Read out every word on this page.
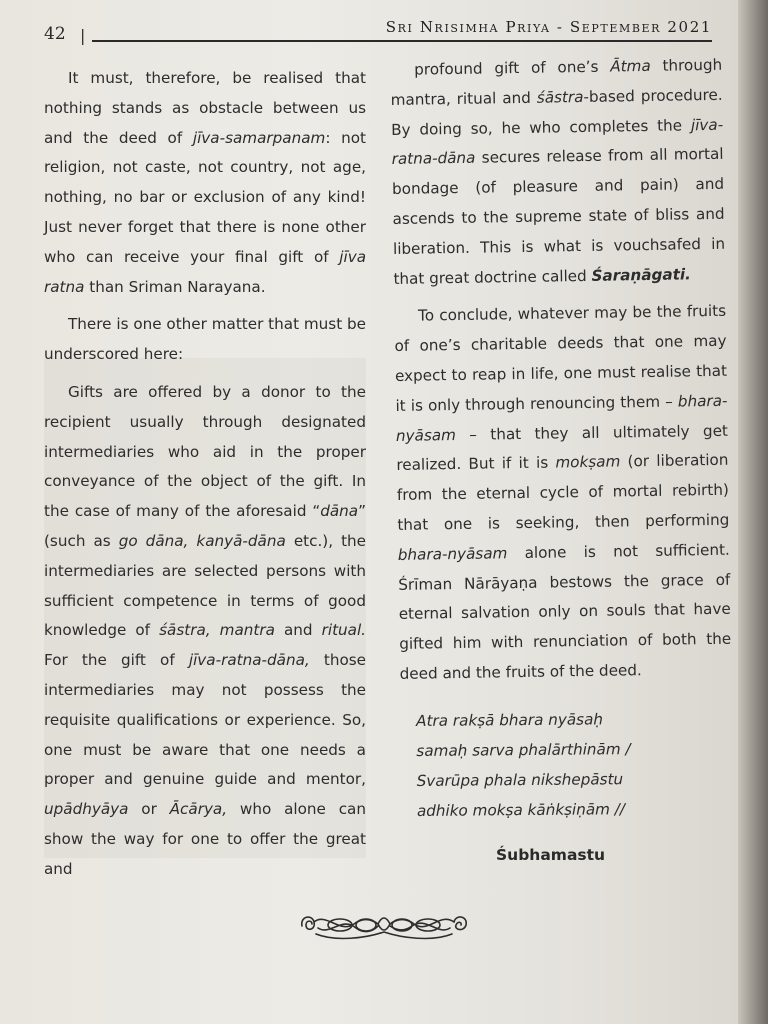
42 |	Sri Nrisimha Priya - September 2021

It must, therefore, be realised that nothing stands as obstacle between us and the deed of jīva-samarpanam: not religion, not caste, not country, not age, nothing, no bar or exclusion of any kind! Just never forget that there is none other who can receive your final gift of jīva ratna than Sriman Narayana.

There is one other matter that must be underscored here:

Gifts are offered by a donor to the recipient usually through designated intermediaries who aid in the proper conveyance of the object of the gift. In the case of many of the aforesaid “dāna” (such as go dāna, kanyā-dāna etc.), the intermediaries are selected persons with sufficient competence in terms of good knowledge of śāstra, mantra and ritual. For the gift of jīva-ratna-dāna, those intermediaries may not possess the requisite qualifications or experience. So, one must be aware that one needs a proper and genuine guide and mentor, upādhyāya or Ācārya, who alone can show the way for one to offer the great and

profound gift of one’s Ātma through mantra, ritual and śāstra-based procedure. By doing so, he who completes the jīva-ratna-dāna secures release from all mortal bondage (of pleasure and pain) and ascends to the supreme state of bliss and liberation. This is what is vouchsafed in that great doctrine called Śaraṇāgati.

To conclude, whatever may be the fruits of one’s charitable deeds that one may expect to reap in life, one must realise that it is only through renouncing them – bhara-nyāsam – that they all ultimately get realized. But if it is mokṣam (or liberation from the eternal cycle of mortal rebirth) that one is seeking, then performing bhara-nyāsam alone is not sufficient. Śrīman Nārāyaṇa bestows the grace of eternal salvation only on souls that have gifted him with renunciation of both the deed and the fruits of the deed.

Atra rakṣā bhara nyāsaḥ
samaḥ sarva phalārthinām /
Svarūpa phala nikshepāstu
adhiko mokṣa kāṅkṣiṇām //
Śubhamastu
